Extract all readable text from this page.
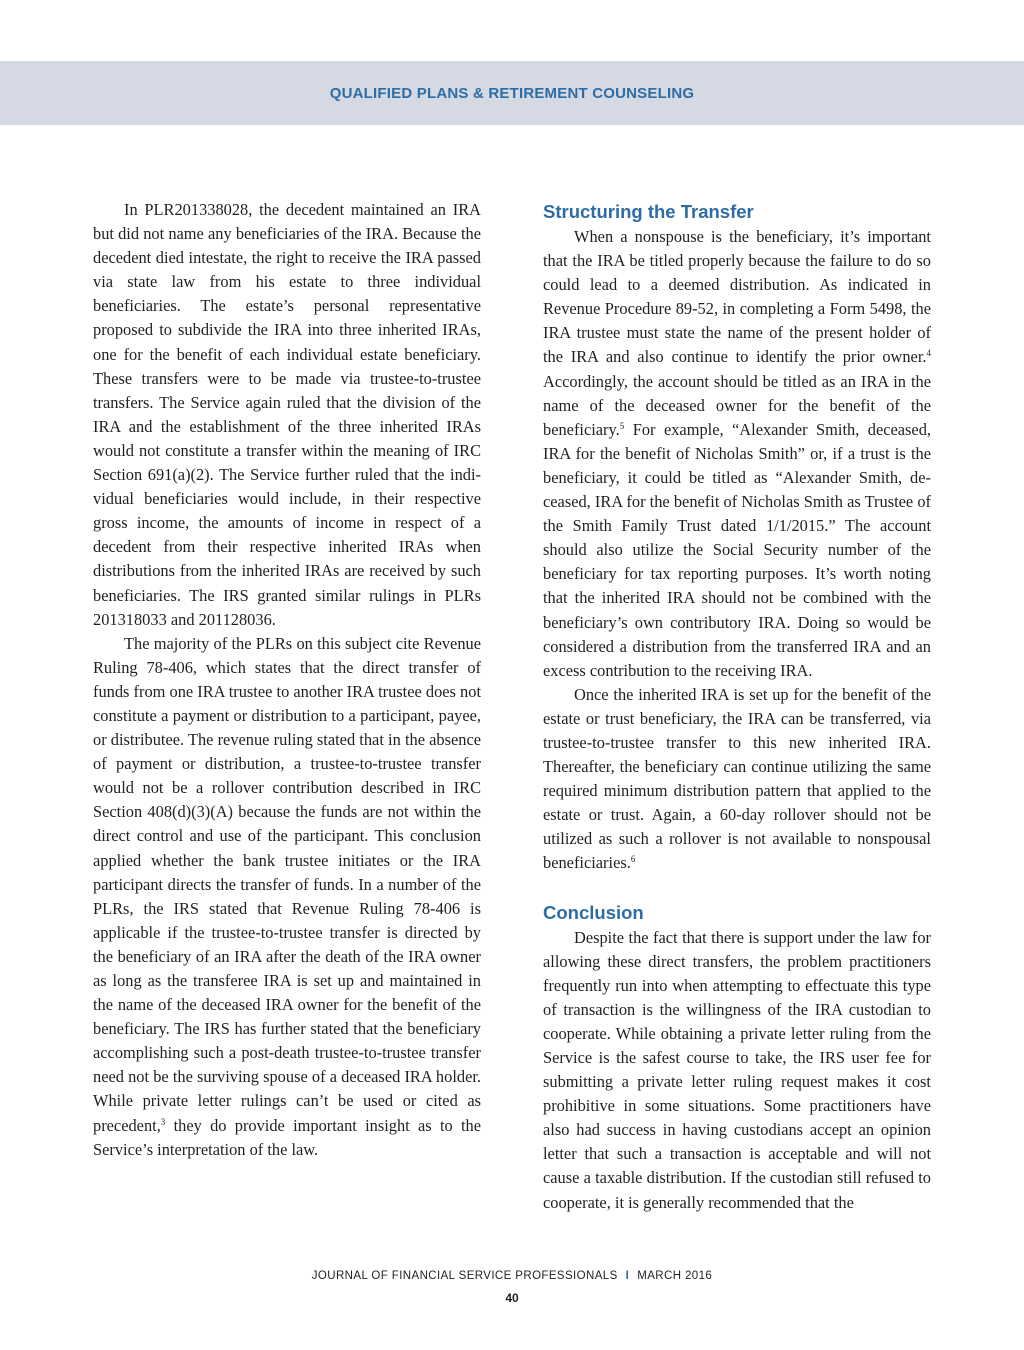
QUALIFIED PLANS & RETIREMENT COUNSELING

In PLR201338028, the decedent maintained an IRA but did not name any beneficiaries of the IRA. Because the decedent died intestate, the right to receive the IRA passed via state law from his estate to three individual beneficiaries. The estate’s personal representative proposed to subdivide the IRA into three inherited IRAs, one for the benefit of each individual estate beneficiary. These transfers were to be made via trustee-to-trustee transfers. The Service again ruled that the division of the IRA and the establishment of the three inherited IRAs would not constitute a transfer within the meaning of IRC Section 691(a)(2). The Service further ruled that the individual beneficiaries would include, in their respective gross income, the amounts of income in respect of a decedent from their respective inherited IRAs when distributions from the inherited IRAs are received by such beneficiaries. The IRS granted similar rulings in PLRs 201318033 and 201128036.

The majority of the PLRs on this subject cite Revenue Ruling 78-406, which states that the direct transfer of funds from one IRA trustee to another IRA trustee does not constitute a payment or distribution to a participant, payee, or distributee. The revenue ruling stated that in the absence of payment or distribution, a trustee-to-trustee transfer would not be a rollover contribution described in IRC Section 408(d)(3)(A) because the funds are not within the direct control and use of the participant. This conclusion applied whether the bank trustee initiates or the IRA participant directs the transfer of funds. In a number of the PLRs, the IRS stated that Revenue Ruling 78-406 is applicable if the trustee-to-trustee transfer is directed by the beneficiary of an IRA after the death of the IRA owner as long as the transferee IRA is set up and maintained in the name of the deceased IRA owner for the benefit of the beneficiary. The IRS has further stated that the beneficiary accomplishing such a post-death trustee-to-trustee transfer need not be the surviving spouse of a deceased IRA holder. While private letter rulings can’t be used or cited as precedent,$^3$ they do provide important insight as to the Service’s interpretation of the law.

Structuring the Transfer

When a nonspouse is the beneficiary, it’s important that the IRA be titled properly because the failure to do so could lead to a deemed distribution. As indicated in Revenue Procedure 89-52, in completing a Form 5498, the IRA trustee must state the name of the present holder of the IRA and also continue to identify the prior owner.$^4$ Accordingly, the account should be titled as an IRA in the name of the deceased owner for the benefit of the beneficiary.$^5$ For example, “Alexander Smith, deceased, IRA for the benefit of Nicholas Smith” or, if a trust is the beneficiary, it could be titled as “Alexander Smith, deceased, IRA for the benefit of Nicholas Smith as Trustee of the Smith Family Trust dated 1/1/2015.” The account should also utilize the Social Security number of the beneficiary for tax reporting purposes. It’s worth noting that the inherited IRA should not be combined with the beneficiary’s own contributory IRA. Doing so would be considered a distribution from the transferred IRA and an excess contribution to the receiving IRA.

Once the inherited IRA is set up for the benefit of the estate or trust beneficiary, the IRA can be transferred, via trustee-to-trustee transfer to this new inherited IRA. Thereafter, the beneficiary can continue utilizing the same required minimum distribution pattern that applied to the estate or trust. Again, a 60-day rollover should not be utilized as such a rollover is not available to nonspousal beneficiaries.$^6$

Conclusion

Despite the fact that there is support under the law for allowing these direct transfers, the problem practitioners frequently run into when attempting to effectuate this type of transaction is the willingness of the IRA custodian to cooperate. While obtaining a private letter ruling from the Service is the safest course to take, the IRS user fee for submitting a private letter ruling request makes it cost prohibitive in some situations. Some practitioners have also had success in having custodians accept an opinion letter that such a transaction is acceptable and will not cause a taxable distribution. If the custodian still refused to cooperate, it is generally recommended that the

JOURNAL OF FINANCIAL SERVICE PROFESSIONALS I MARCH 2016
40
